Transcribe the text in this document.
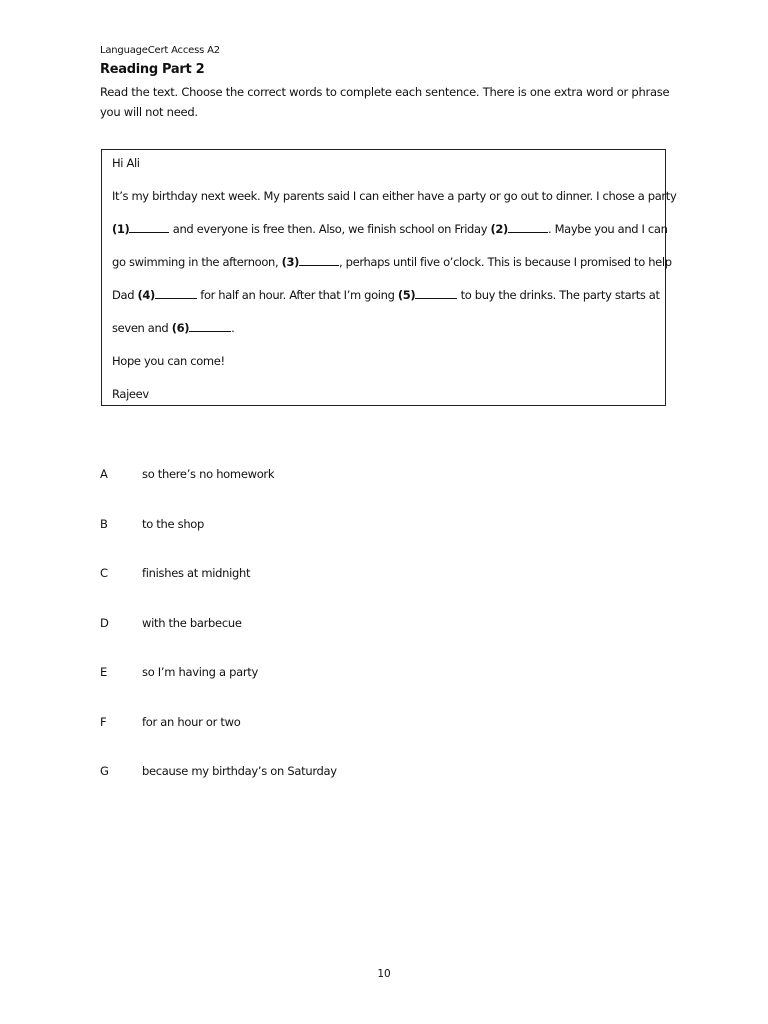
LanguageCert Access A2
Reading Part 2
Read the text. Choose the correct words to complete each sentence. There is one extra word or phrase you will not need.
Hi Ali
It’s my birthday next week. My parents said I can either have a party or go out to dinner. I chose a party
(1)	and everyone is free then. Also, we finish school on Friday (2)	. Maybe you and I can
go swimming in the afternoon, (3)	, perhaps until five o’clock. This is because I promised to help
Dad (4)	for half an hour. After that I’m going (5)	to buy the drinks. The party starts at
seven and (6)	.
Hope you can come!
Rajeev
A	so there’s no homework
B	to the shop
C	finishes at midnight
D	with the barbecue
E	so I’m having a party
F	for an hour or two
G	because my birthday’s on Saturday
10
